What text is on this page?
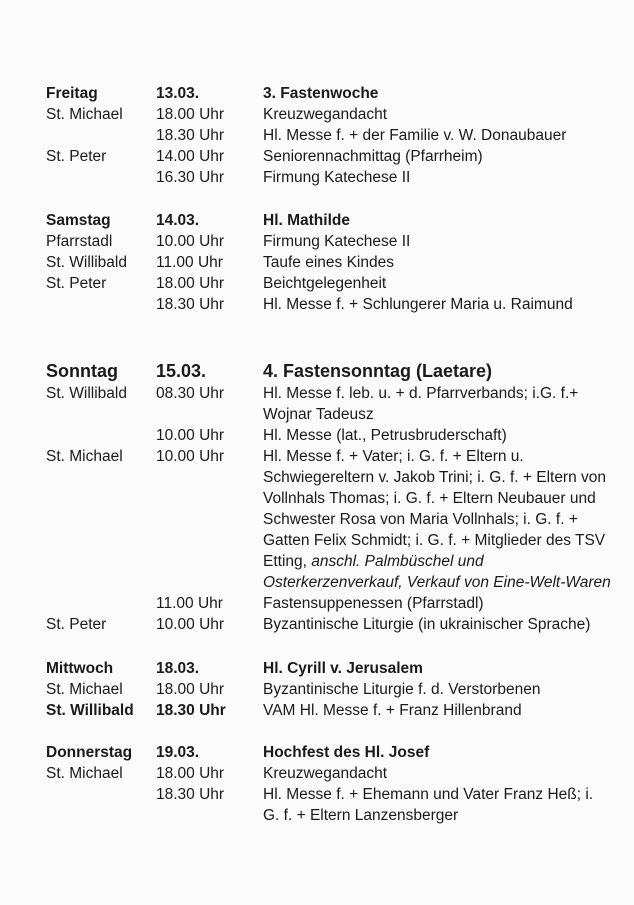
Freitag	13.03.	3. Fastenwoche
St. Michael 18.00 Uhr	Kreuzwegandacht
18.30 Uhr	Hl. Messe f. + der Familie v. W. Donaubauer
St. Peter	14.00 Uhr	Seniorennachmittag (Pfarrheim)
16.30 Uhr	Firmung Katechese II
Samstag	14.03.	Hl. Mathilde
Pfarrstadl	10.00 Uhr	Firmung Katechese II
St. Willibald 11.00 Uhr	Taufe eines Kindes
St. Peter	18.00 Uhr	Beichtgelegenheit
18.30 Uhr	Hl. Messe f. + Schlungerer Maria u. Raimund
Sonntag 15.03.	4. Fastensonntag (Laetare)
St. Willibald 08.30 Uhr	Hl. Messe f. leb. u. + d. Pfarrverbands; i.G. f.+
Wojnar Tadeusz
10.00 Uhr	Hl. Messe (lat., Petrusbruderschaft)
St. Michael 10.00 Uhr	Hl. Messe f. + Vater; i. G. f. + Eltern u.
Schwiegereltern v. Jakob Trini; i. G. f. + Eltern von
Vollnhals Thomas; i. G. f. + Eltern Neubauer und
Schwester Rosa von Maria Vollnhals; i. G. f. +
Gatten Felix Schmidt; i. G. f. + Mitglieder des TSV
Etting, anschl. Palmbüschel und
Osterkerzenverkauf, Verkauf von Eine-Welt-Waren
11.00 Uhr	Fastensuppenessen (Pfarrstadl)
St. Peter	10.00 Uhr	Byzantinische Liturgie (in ukrainischer Sprache)
Mittwoch	18.03.	Hl. Cyrill v. Jerusalem
St. Michael 18.00 Uhr	Byzantinische Liturgie f. d. Verstorbenen
St. Willibald 18.30 Uhr VAM Hl. Messe f. + Franz Hillenbrand
Donnerstag 19.03.	Hochfest des Hl. Josef
St. Michael 18.00 Uhr	Kreuzwegandacht
18.30 Uhr	Hl. Messe f. + Ehemann und Vater Franz Heß; i.
G. f. + Eltern Lanzensberger
